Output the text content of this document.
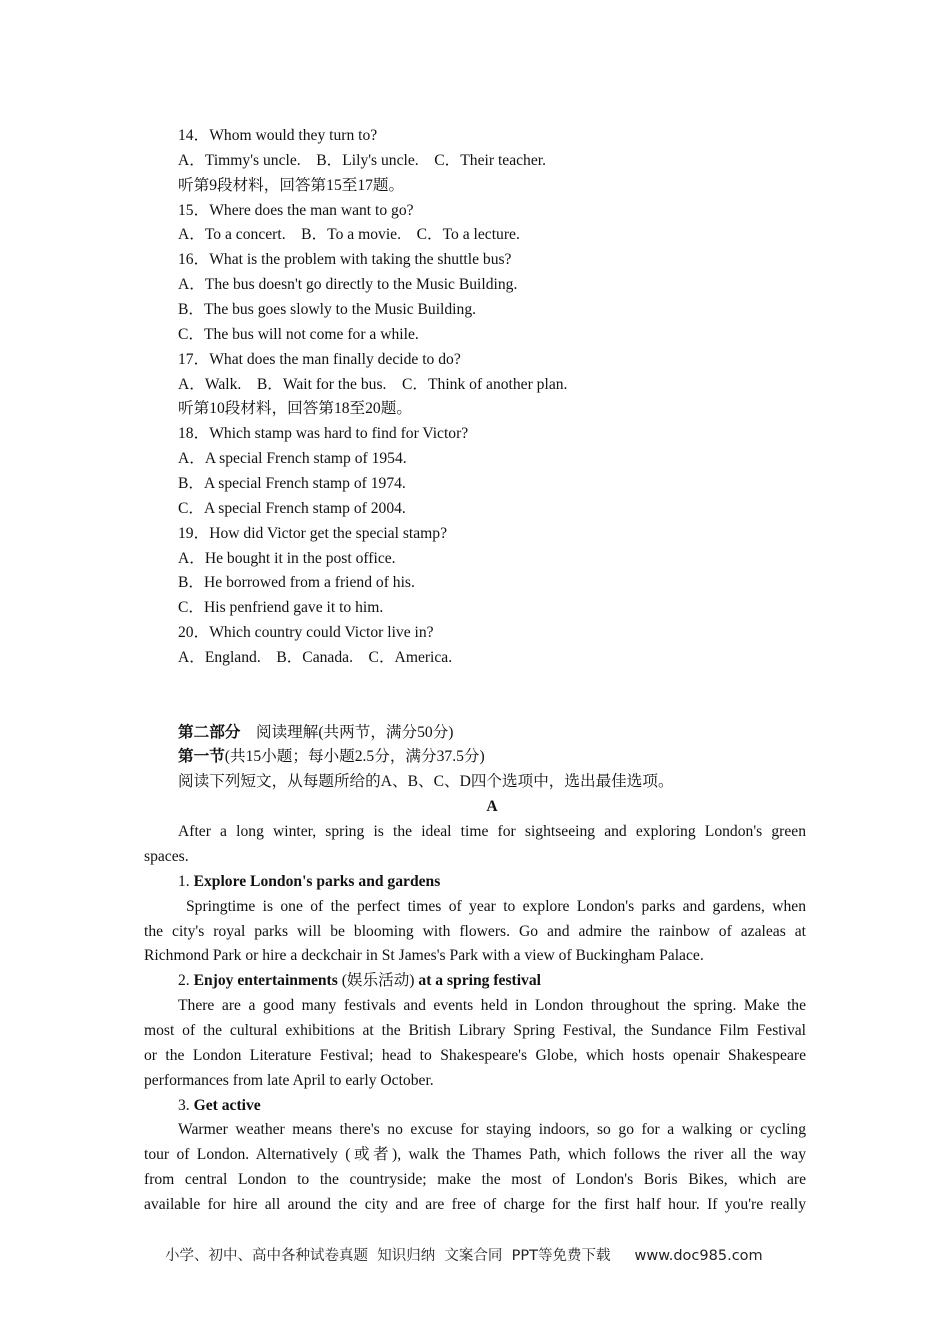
14．Whom would they turn to?
A．Timmy's uncle.　B．Lily's uncle.　C．Their teacher.
听第9段材料，回答第15至17题。
15．Where does the man want to go?
A．To a concert.　B．To a movie.　C．To a lecture.
16．What is the problem with taking the shuttle bus?
A．The bus doesn't go directly to the Music Building.
B．The bus goes slowly to the Music Building.
C．The bus will not come for a while.
17．What does the man finally decide to do?
A．Walk.　B．Wait for the bus.　C．Think of another plan.
听第10段材料，回答第18至20题。
18．Which stamp was hard to find for Victor?
A．A special French stamp of 1954.
B．A special French stamp of 1974.
C．A special French stamp of 2004.
19．How did Victor get the special stamp?
A．He bought it in the post office.
B．He borrowed from a friend of his.
C．His penfriend gave it to him.
20．Which country could Victor live in?
A．England.　B．Canada.　C．America.
第二部分　阅读理解(共两节，满分50分)
第一节(共15小题；每小题2.5分，满分37.5分)
阅读下列短文，从每题所给的A、B、C、D四个选项中，选出最佳选项。
A
After a long winter, spring is the ideal time for sightseeing and exploring London's green
spaces.
1. Explore London's parks and gardens
Springtime is one of the perfect times of year to explore London's parks and gardens, when
the city's royal parks will be blooming with flowers. Go and admire the rainbow of azaleas at
Richmond Park or hire a deckchair in St James's Park with a view of Buckingham Palace.
2. Enjoy entertainments (娱乐活动) at a spring festival
There are a good many festivals and events held in London throughout the spring. Make the
most of the cultural exhibitions at the British Library Spring Festival, the Sundance Film Festival
or the London Literature Festival; head to Shakespeare's Globe, which hosts openair Shakespeare
performances from late April to early October.
3. Get active
Warmer weather means there's no excuse for staying indoors, so go for a walking or cycling
tour of London. Alternatively (或者), walk the Thames Path, which follows the river all the way
from central London to the countryside; make the most of London's Boris Bikes, which are
available for hire all around the city and are free of charge for the first half hour. If you're really
小学、初中、高中各种试卷真题  知识归纳  文案合同  PPT等免费下载 www.doc985.com
